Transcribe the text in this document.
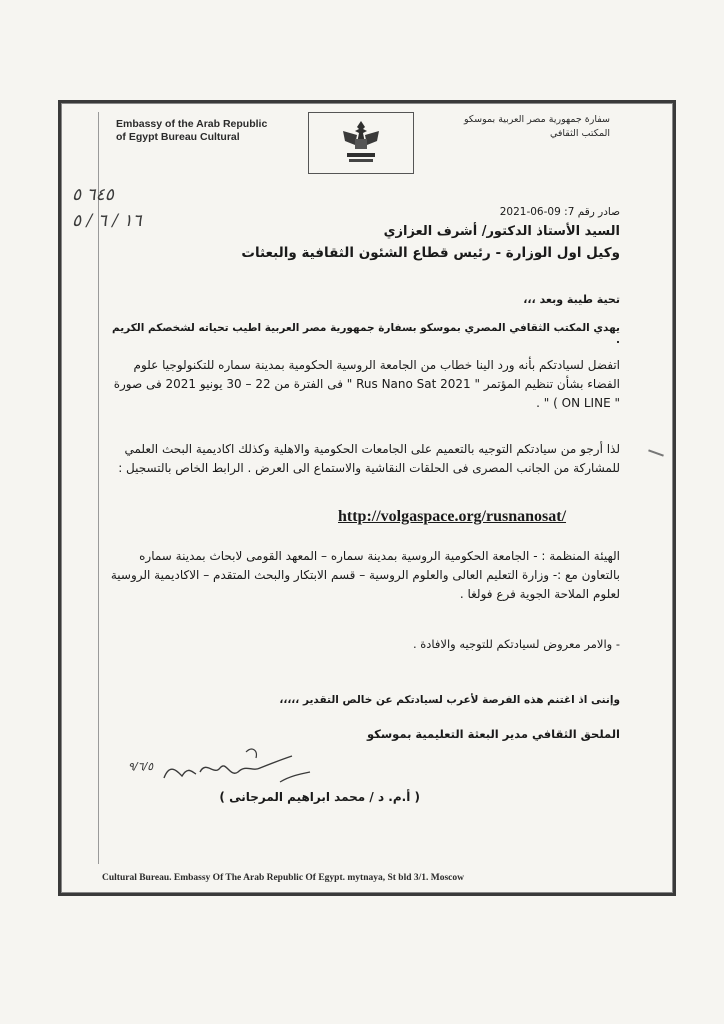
Embassy of the Arab Republic
of Egypt Bureau Cultural
سفارة جمهورية مصر العربية بموسكو
المكتب الثقافي
٦٤٥ ٥
١٦ / ٦ / ٥	صادر رقم 7: 09-06-2021
السيد الأستاذ الدكتور/ أشرف العزازي
وكيل اول الوزارة - رئيس قطاع الشئون الثقافية والبعثات
تحية طيبة وبعد ،،،
يهدي المكتب الثقافي المصري بموسكو بسفارة جمهورية مصر العربية اطيب تحياته لشخصكم الكريم .
اتفضل لسيادتكم بأنه ورد الينا خطاب من الجامعة الروسية الحكومية بمدينة سماره للتكنولوجيا علوم الفضاء بشأن تنظيم المؤتمر " Rus Nano Sat 2021 " فى الفترة من 22 – 30 يونيو 2021 فى صورة " ON LINE ) " .
لذا أرجو من سيادتكم التوجيه بالتعميم على الجامعات الحكومية والاهلية وكذلك اكاديمية البحث العلمي للمشاركة من الجانب المصرى فى الحلقات النقاشية والاستماع الى العرض . الرابط الخاص بالتسجيل :
http://volgaspace.org/rusnanosat/
الهيئة المنظمة : - الجامعة الحكومية الروسية بمدينة سماره – المعهد القومى لابحاث بمدينة سماره بالتعاون مع :- وزارة التعليم العالى والعلوم الروسية – قسم الابتكار والبحث المتقدم – الاكاديمية الروسية لعلوم الملاحة الجوية فرع فولغا .
- والامر معروض لسيادتكم للتوجيه والافادة .
وإننى اذ اغتنم هذه الفرصة لأعرب لسيادتكم عن خالص التقدير ،،،،،
الملحق الثقافي مدير البعثة التعليمية بموسكو
٩/٦/٥
( أ.م. د / محمد ابراهيم المرجانى )
Cultural Bureau. Embassy Of The Arab Republic Of Egypt. mytnaya, St bld 3/1. Moscow
